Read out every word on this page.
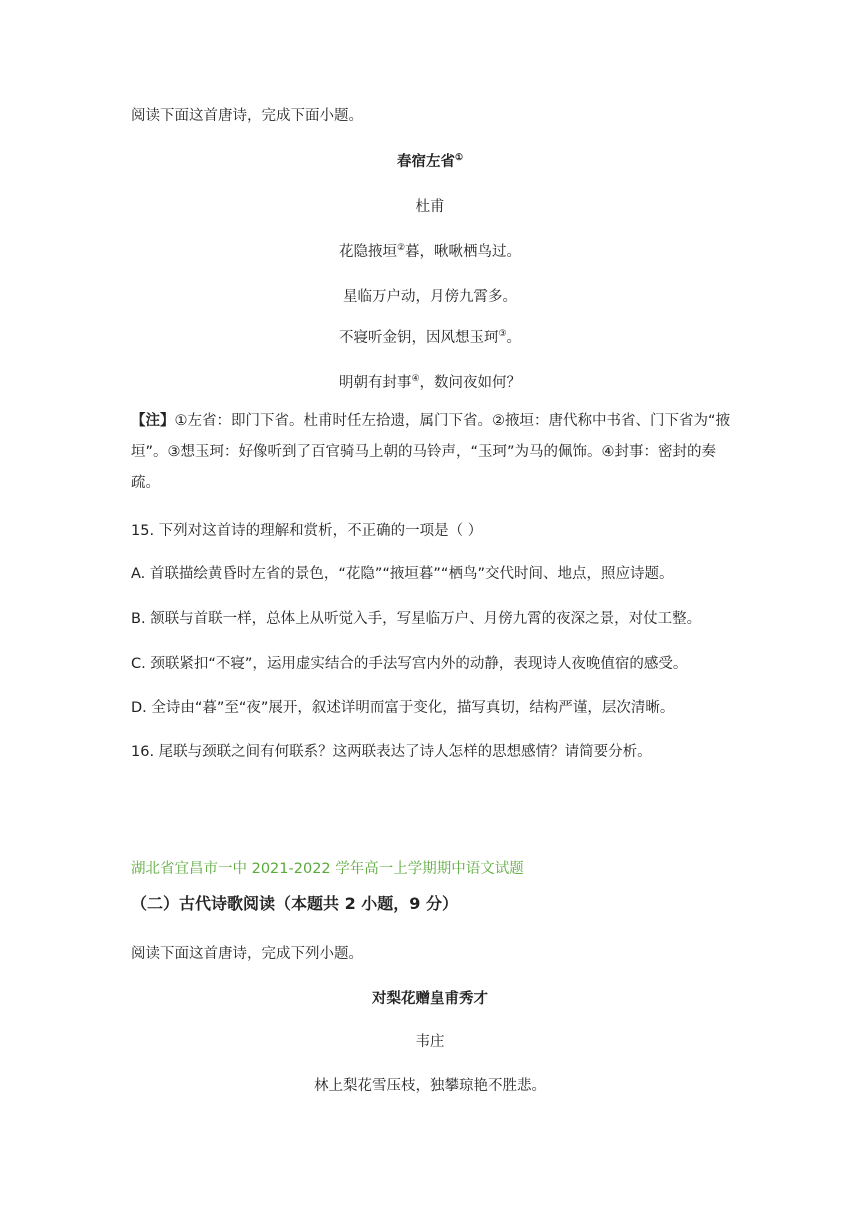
阅读下面这首唐诗，完成下面小题。
春宿左省①
杜甫
花隐掖垣②暮，啾啾栖鸟过。
星临万户动，月傍九霄多。
不寝听金钥，因风想玉珂③。
明朝有封事④，数问夜如何？
【注】①左省：即门下省。杜甫时任左拾遗，属门下省。②掖垣：唐代称中书省、门下省为“掖垣”。③想玉珂：好像听到了百官骑马上朝的马铃声，“玉珂”为马的佩饰。④封事：密封的奏疏。
15. 下列对这首诗的理解和赏析，不正确的一项是（ ）
A. 首联描绘黄昏时左省的景色，“花隐”“掖垣暮”“栖鸟”交代时间、地点，照应诗题。
B. 颔联与首联一样，总体上从听觉入手，写星临万户、月傍九霄的夜深之景，对仗工整。
C. 颈联紧扣“不寝”，运用虚实结合的手法写宫内外的动静，表现诗人夜晚值宿的感受。
D. 全诗由“暮”至“夜”展开，叙述详明而富于变化，描写真切，结构严谨，层次清晰。
16. 尾联与颈联之间有何联系？这两联表达了诗人怎样的思想感情？请简要分析。
湖北省宜昌市一中 2021-2022 学年高一上学期期中语文试题
（二）古代诗歌阅读（本题共 2 小题，9 分）
阅读下面这首唐诗，完成下列小题。
对梨花赠皇甫秀才
韦庄
林上梨花雪压枝，独攀琼艳不胜悲。
